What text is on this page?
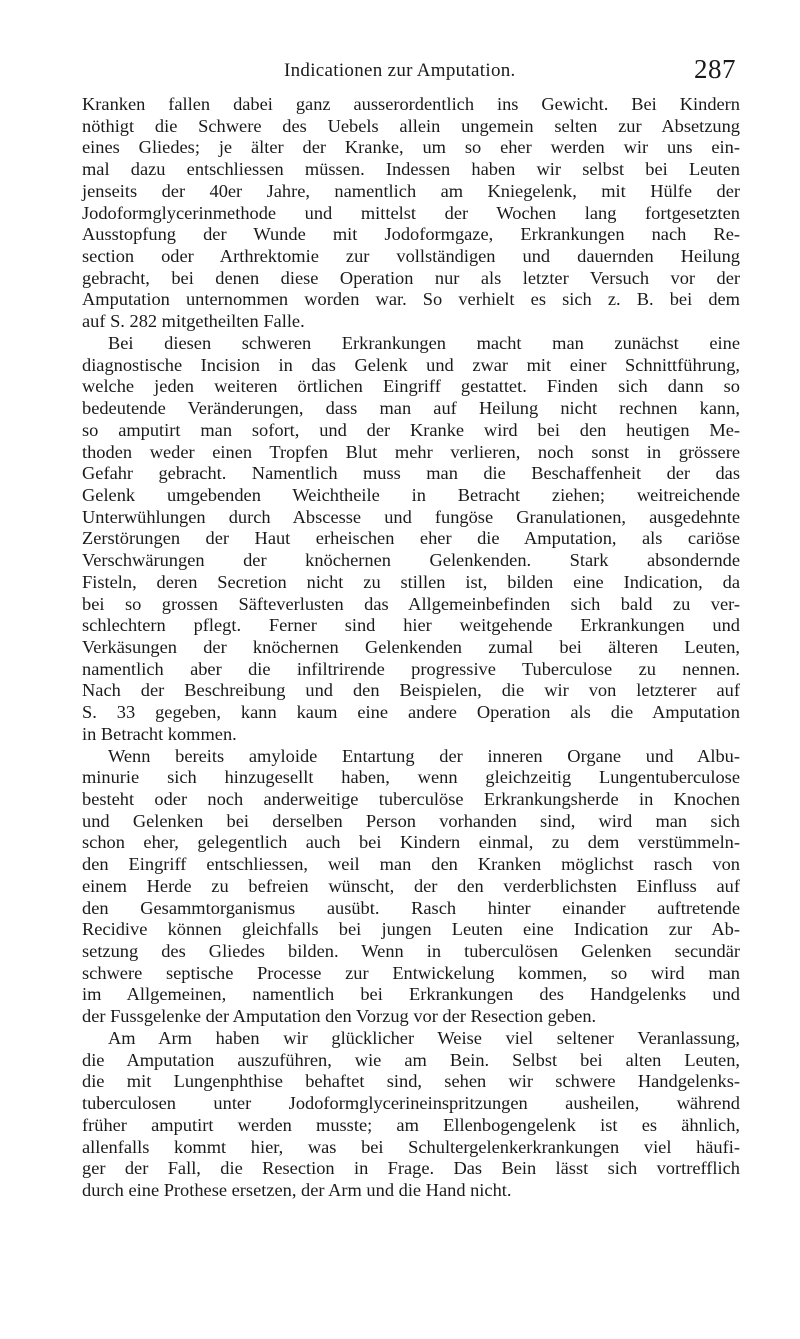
Indicationen zur Amputation.	287
Kranken fallen dabei ganz ausserordentlich ins Gewicht. Bei Kindern
nöthigt die Schwere des Uebels allein ungemein selten zur Absetzung
eines Gliedes; je älter der Kranke, um so eher werden wir uns ein-
mal dazu entschliessen müssen. Indessen haben wir selbst bei Leuten
jenseits der 40er Jahre, namentlich am Kniegelenk, mit Hülfe der
Jodoformglycerinmethode und mittelst der Wochen lang fortgesetzten
Ausstopfung der Wunde mit Jodoformgaze, Erkrankungen nach Re-
section oder Arthrektomie zur vollständigen und dauernden Heilung
gebracht, bei denen diese Operation nur als letzter Versuch vor der
Amputation unternommen worden war. So verhielt es sich z. B. bei dem
auf S. 282 mitgetheilten Falle.
Bei diesen schweren Erkrankungen macht man zunächst eine
diagnostische Incision in das Gelenk und zwar mit einer Schnittführung,
welche jeden weiteren örtlichen Eingriff gestattet. Finden sich dann so
bedeutende Veränderungen, dass man auf Heilung nicht rechnen kann,
so amputirt man sofort, und der Kranke wird bei den heutigen Me-
thoden weder einen Tropfen Blut mehr verlieren, noch sonst in grössere
Gefahr gebracht. Namentlich muss man die Beschaffenheit der das
Gelenk umgebenden Weichtheile in Betracht ziehen; weitreichende
Unterwühlungen durch Abscesse und fungöse Granulationen, ausgedehnte
Zerstörungen der Haut erheischen eher die Amputation, als cariöse
Verschwärungen der knöchernen Gelenkenden. Stark absondernde
Fisteln, deren Secretion nicht zu stillen ist, bilden eine Indication, da
bei so grossen Säfteverlusten das Allgemeinbefinden sich bald zu ver-
schlechtern pflegt. Ferner sind hier weitgehende Erkrankungen und
Verkäsungen der knöchernen Gelenkenden zumal bei älteren Leuten,
namentlich aber die infiltrirende progressive Tuberculose zu nennen.
Nach der Beschreibung und den Beispielen, die wir von letzterer auf
S. 33 gegeben, kann kaum eine andere Operation als die Amputation
in Betracht kommen.
Wenn bereits amyloide Entartung der inneren Organe und Albu-
minurie sich hinzugesellt haben, wenn gleichzeitig Lungentuberculose
besteht oder noch anderweitige tuberculöse Erkrankungsherde in Knochen
und Gelenken bei derselben Person vorhanden sind, wird man sich
schon eher, gelegentlich auch bei Kindern einmal, zu dem verstümmeln-
den Eingriff entschliessen, weil man den Kranken möglichst rasch von
einem Herde zu befreien wünscht, der den verderblichsten Einfluss auf
den Gesammtorganismus ausübt. Rasch hinter einander auftretende
Recidive können gleichfalls bei jungen Leuten eine Indication zur Ab-
setzung des Gliedes bilden. Wenn in tuberculösen Gelenken secundär
schwere septische Processe zur Entwickelung kommen, so wird man
im Allgemeinen, namentlich bei Erkrankungen des Handgelenks und
der Fussgelenke der Amputation den Vorzug vor der Resection geben.
Am Arm haben wir glücklicher Weise viel seltener Veranlassung,
die Amputation auszuführen, wie am Bein. Selbst bei alten Leuten,
die mit Lungenphthise behaftet sind, sehen wir schwere Handgelenks-
tuberculosen unter Jodoformglycerineinspritzungen ausheilen, während
früher amputirt werden musste; am Ellenbogengelenk ist es ähnlich,
allenfalls kommt hier, was bei Schultergelenkerkrankungen viel häufi-
ger der Fall, die Resection in Frage. Das Bein lässt sich vortrefflich
durch eine Prothese ersetzen, der Arm und die Hand nicht.
